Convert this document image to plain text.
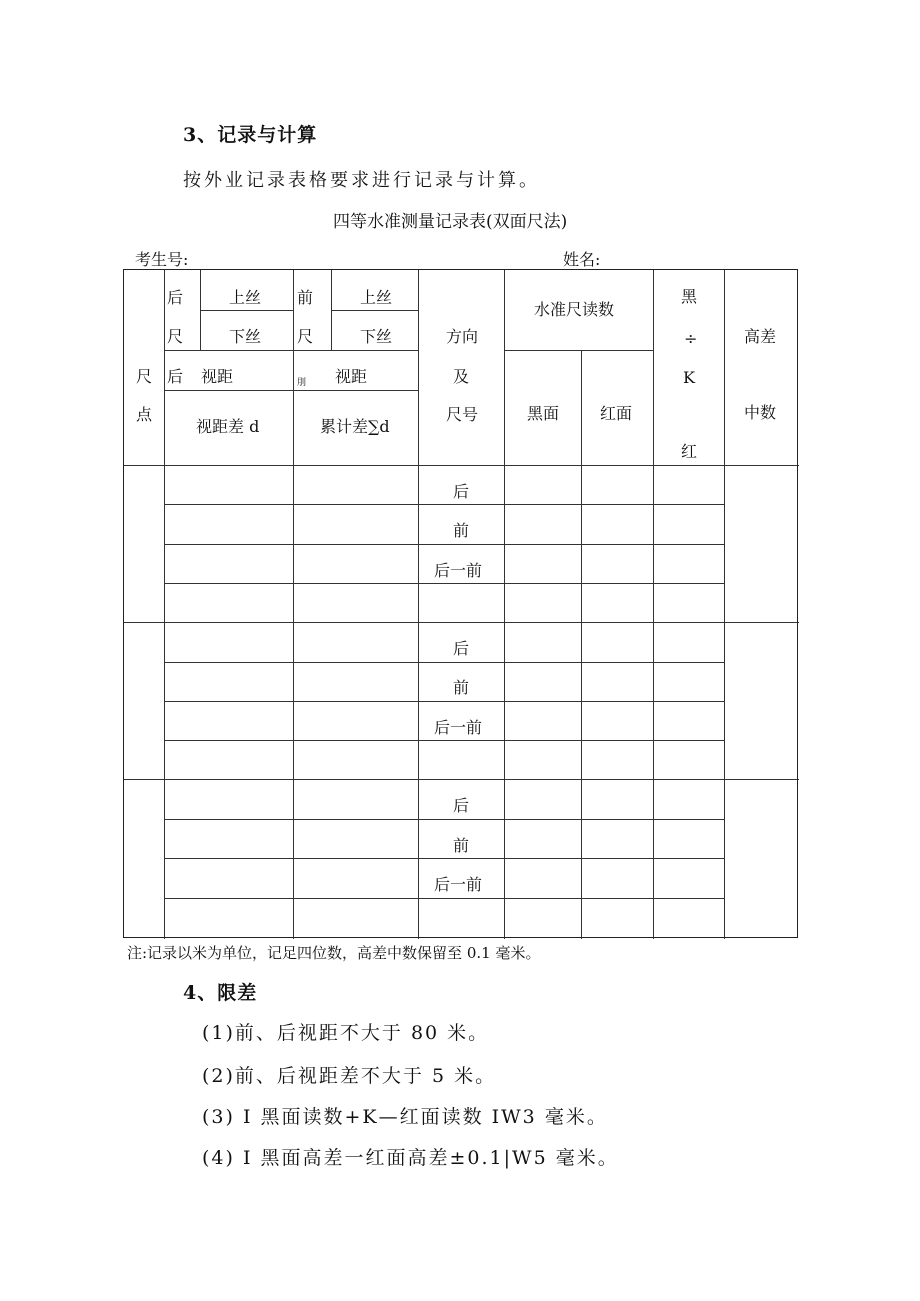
3、记录与计算
按外业记录表格要求进行记录与计算。
四等水准测量记录表(双面尺法)
考生号:	姓名:
尺
点
后
尺
上丝
下丝
后 视距
视距差 d
前
尺
上丝
下丝
刖 视距
累计差∑d
方向
及
尺号
水准尺读数
黑面	红面
黑
÷
K
红
高差
中数
后
前
后一前
后
前
后一前
后
前
后一前
注:记录以米为单位，记足四位数，高差中数保留至 0.1 毫米。
4、限差
(1)前、后视距不大于 80 米。
(2)前、后视距差不大于 5 米。
(3) I 黑面读数+K—红面读数 IW3 毫米。
(4) I 黑面高差一红面高差±0.1|W5 毫米。
